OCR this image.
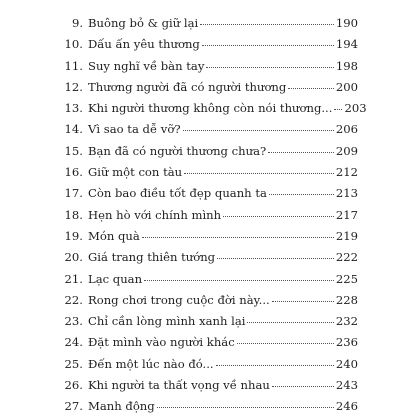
9. Buông bỏ & giữ lại	190
10. Dấu ấn yêu thương	194
11. Suy nghĩ về bàn tay	198
12. Thương người đã có người thương	200
13. Khi người thương không còn nói thương... 203
14. Vì sao ta dễ vỡ?	206
15. Bạn đã có người thương chưa?	209
16. Giữ một con tàu	212
17. Còn bao điều tốt đẹp quanh ta	213
18. Hẹn hò với chính mình	217
19. Món quà	219
20. Giá trang thiên tướng	222
21. Lạc quan	225
22. Rong chơi trong cuộc đời này...	228
23. Chỉ cần lòng mình xanh lại	232
24. Đặt mình vào người khác	236
25. Đến một lúc nào đó...	240
26. Khi người ta thất vọng về nhau	243
27. Manh động	246
